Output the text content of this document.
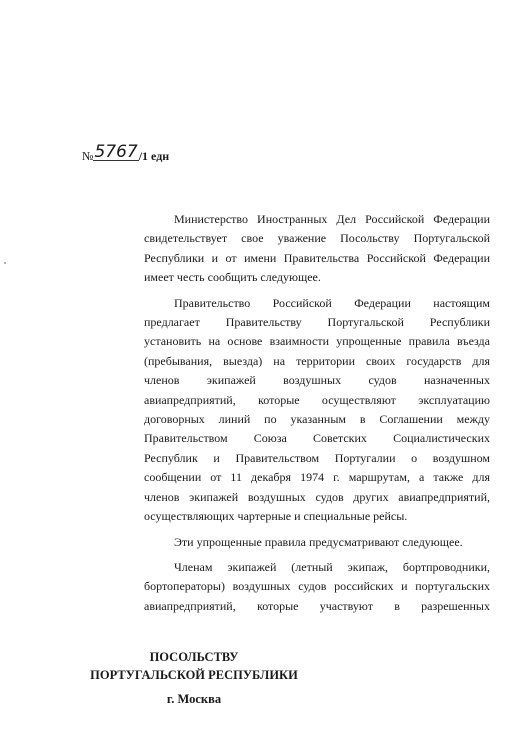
№5767/1 едн
Министерство Иностранных Дел Российской Федерации
свидетельствует свое уважение Посольству Португальской
Республики и от имени Правительства Российской Федерации
имеет честь сообщить следующее.
Правительство Российской Федерации настоящим
предлагает Правительству Португальской Республики
установить на основе взаимности упрощенные правила въезда
(пребывания, выезда) на территории своих государств для
членов экипажей воздушных судов назначенных
авиапредприятий, которые осуществляют эксплуатацию
договорных линий по указанным в Соглашении между
Правительством Союза Советских Социалистических
Республик и Правительством Португалии о воздушном
сообщении от 11 декабря 1974 г. маршрутам, а также для
членов экипажей воздушных судов других авиапредприятий,
осуществляющих чартерные и специальные рейсы.
Эти упрощенные правила предусматривают следующее.
Членам экипажей (летный экипаж, бортпроводники,
бортоператоры) воздушных судов российских и португальских
авиапредприятий, которые участвуют в разрешенных
ПОСОЛЬСТВУ
ПОРТУГАЛЬСКОЙ РЕСПУБЛИКИ
г. Москва
